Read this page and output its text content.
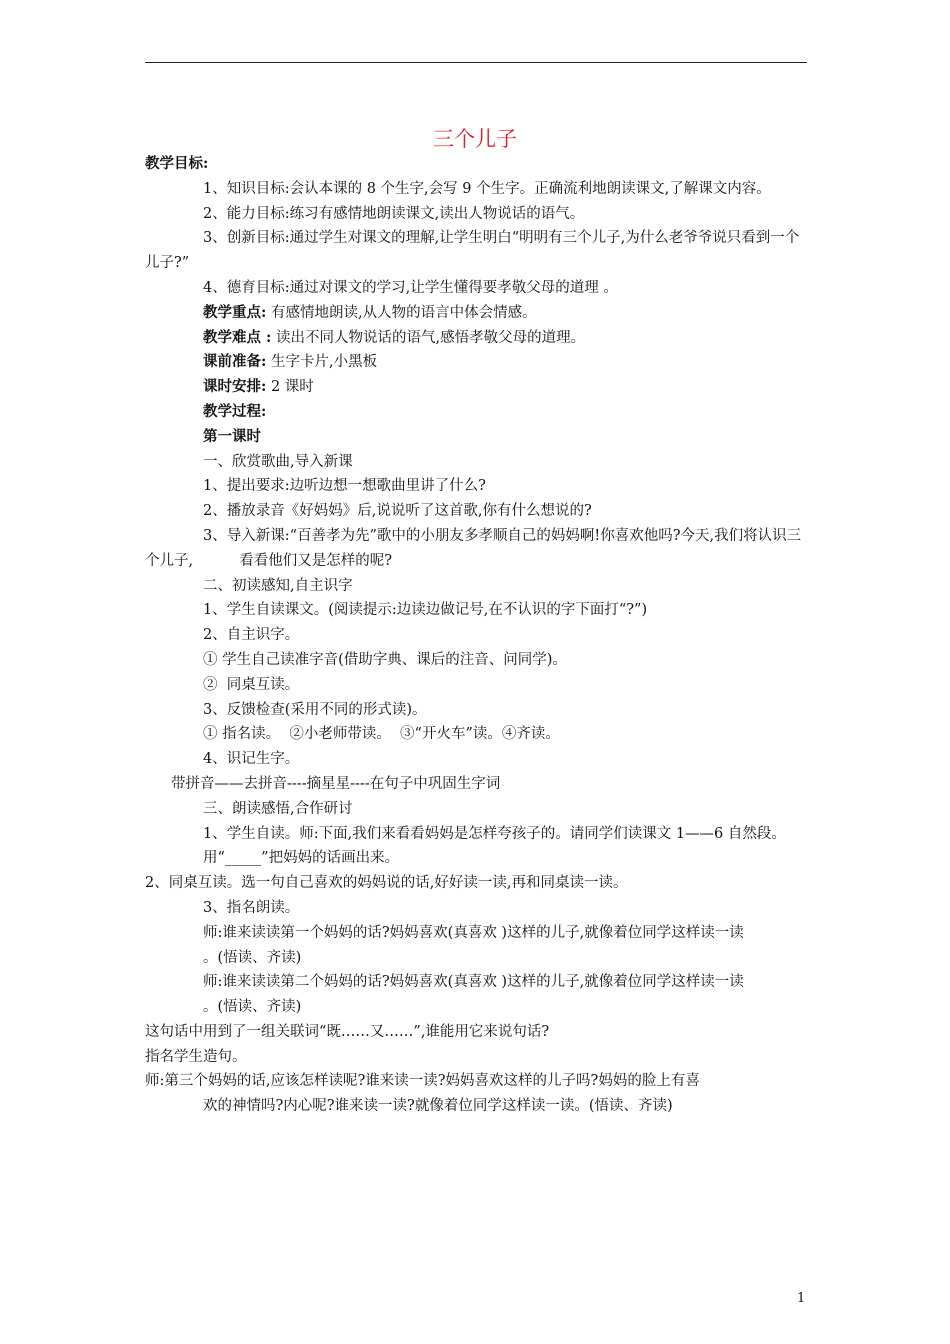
三个儿子
教学目标:
1、知识目标:会认本课的 8 个生字,会写 9 个生字。正确流利地朗读课文,了解课文内容。
2、能力目标:练习有感情地朗读课文,读出人物说话的语气。
3、创新目标:通过学生对课文的理解,让学生明白“明明有三个儿子,为什么老爷爷说只看到一个儿子?”
4、德育目标:通过对课文的学习,让学生懂得要孝敬父母的道理 。
教学重点: 有感情地朗读,从人物的语言中体会情感。
教学难点 : 读出不同人物说话的语气,感悟孝敬父母的道理。
课前准备: 生字卡片,小黑板
课时安排: 2 课时
教学过程:
第一课时
一、欣赏歌曲,导入新课
1、提出要求:边听边想一想歌曲里讲了什么?
2、播放录音《好妈妈》后,说说听了这首歌,你有什么想说的?
3、导入新课:“百善孝为先”歌中的小朋友多孝顺自己的妈妈啊!你喜欢他吗?今天,我们将认识三个儿子,          看看他们又是怎样的呢?
二、初读感知,自主识字
1、学生自读课文。(阅读提示:边读边做记号,在不认识的字下面打“?”)
2、自主识字。
① 学生自己读准字音(借助字典、课后的注音、问同学)。
②  同桌互读。
3、反馈检查(采用不同的形式读)。
① 指名读。  ②小老师带读。  ③“开火车”读。④齐读。
4、识记生字。
带拼音——去拼音----摘星星----在句子中巩固生字词
三、朗读感悟,合作研讨
1、学生自读。师:下面,我们来看看妈妈是怎样夸孩子的。请同学们读课文 1——6 自然段。
用“_____”把妈妈的话画出来。
2、同桌互读。选一句自己喜欢的妈妈说的话,好好读一读,再和同桌读一读。
3、指名朗读。
师:谁来读读第一个妈妈的话?妈妈喜欢(真喜欢 )这样的儿子,就像着位同学这样读一读
。(悟读、齐读)
师:谁来读读第二个妈妈的话?妈妈喜欢(真喜欢 )这样的儿子,就像着位同学这样读一读
。(悟读、齐读)
这句话中用到了一组关联词“既……又……”,谁能用它来说句话?
指名学生造句。
师:第三个妈妈的话,应该怎样读呢?谁来读一读?妈妈喜欢这样的儿子吗?妈妈的脸上有喜
欢的神情吗?内心呢?谁来读一读?就像着位同学这样读一读。(悟读、齐读)
1
